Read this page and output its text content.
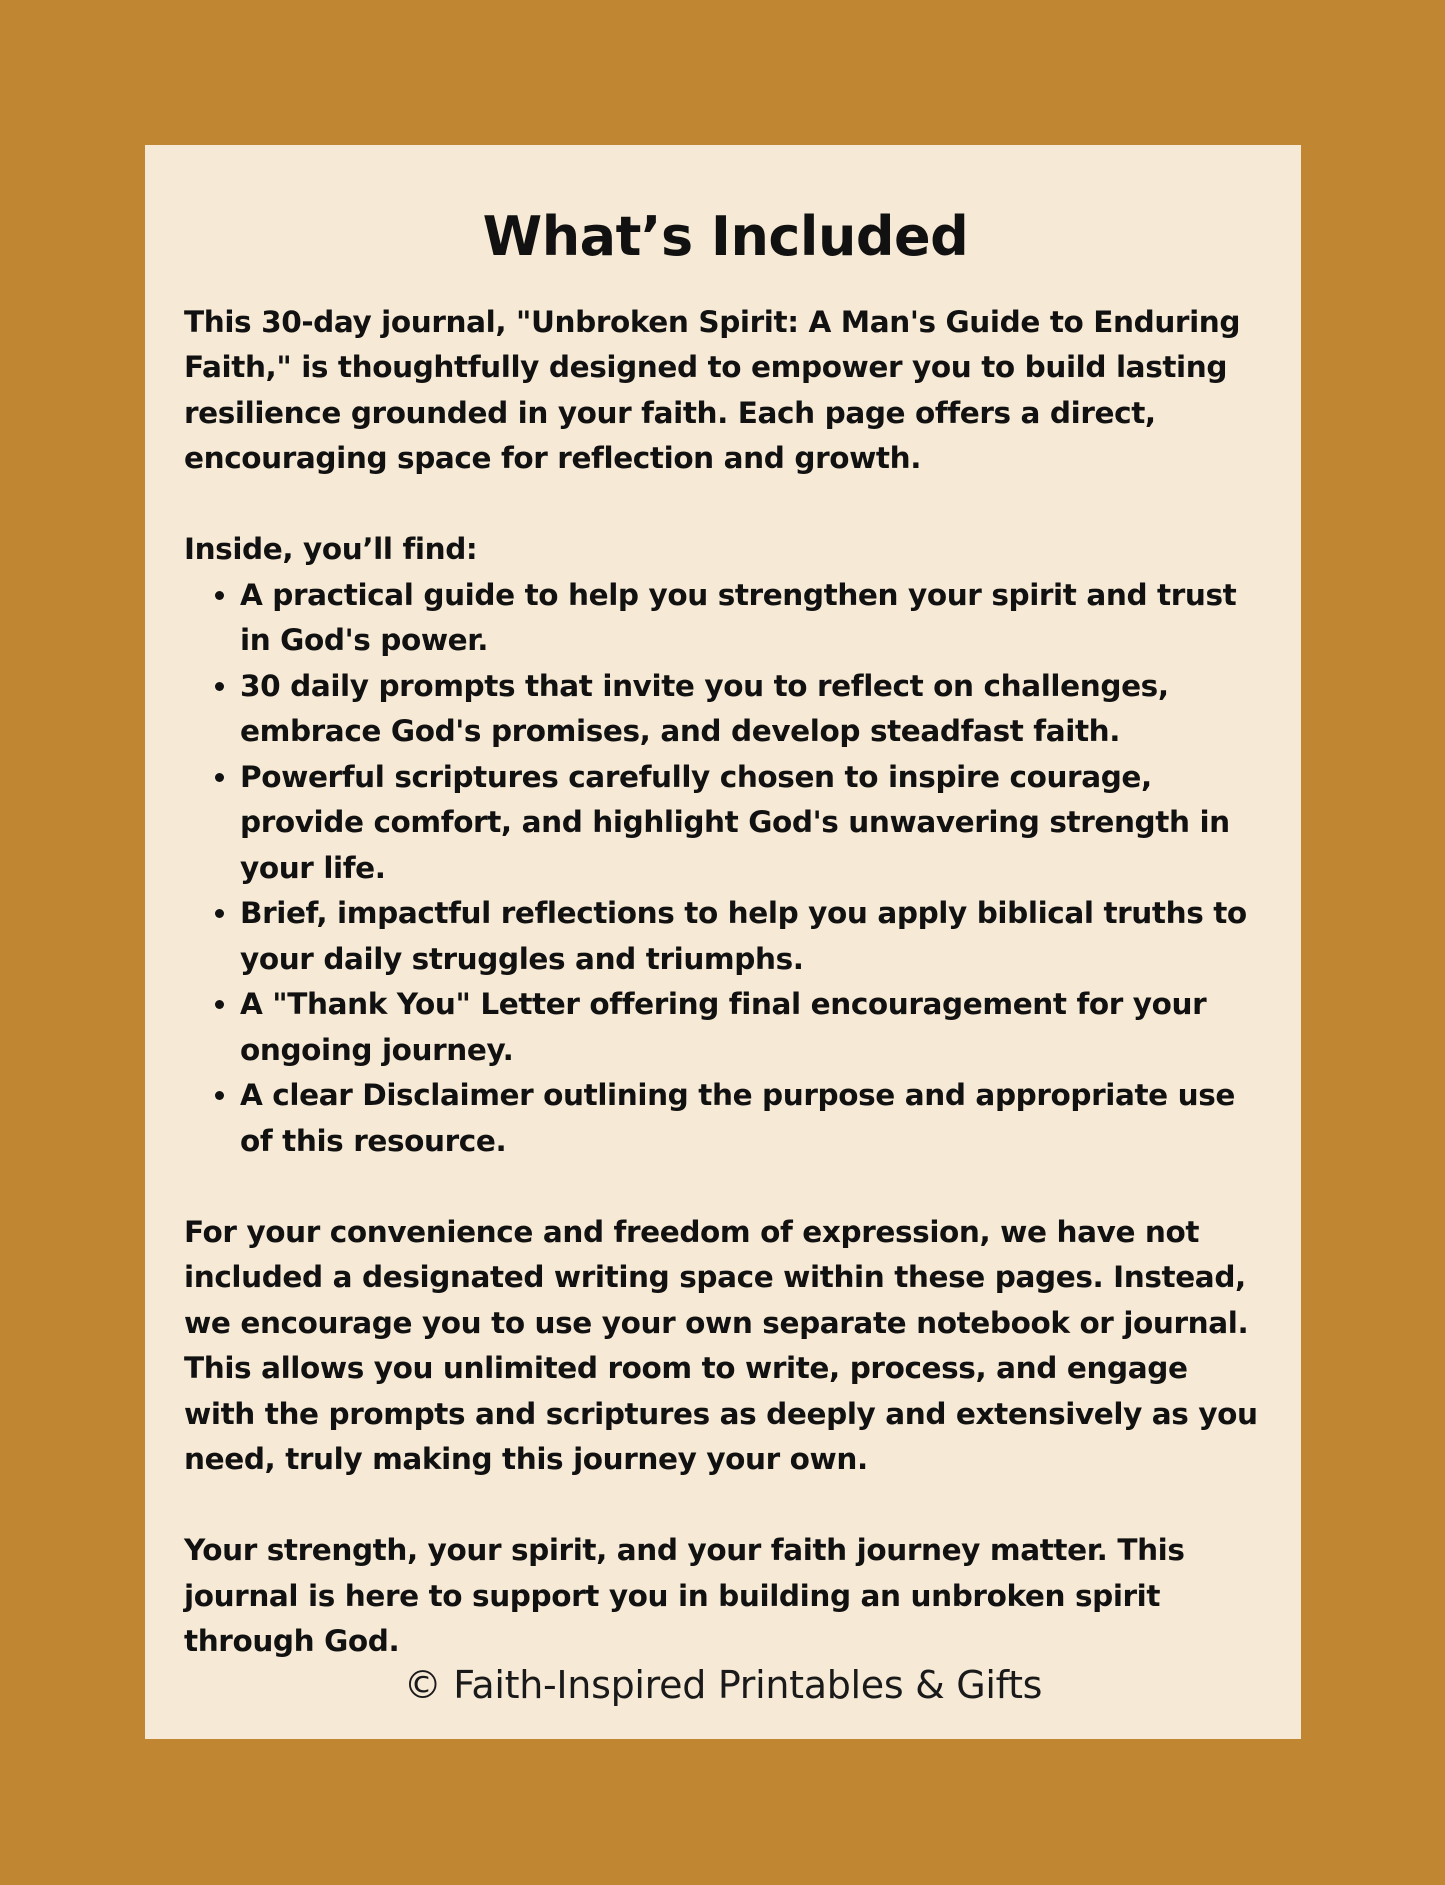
What’s Included

This 30-day journal, "Unbroken Spirit: A Man's Guide to Enduring Faith," is thoughtfully designed to empower you to build lasting resilience grounded in your faith. Each page offers a direct, encouraging space for reflection and growth.

Inside, you’ll find:

• A practical guide to help you strengthen your spirit and trust in God's power.
• 30 daily prompts that invite you to reflect on challenges, embrace God's promises, and develop steadfast faith.
• Powerful scriptures carefully chosen to inspire courage, provide comfort, and highlight God's unwavering strength in your life.
• Brief, impactful reflections to help you apply biblical truths to your daily struggles and triumphs.
• A "Thank You" Letter offering final encouragement for your ongoing journey.
• A clear Disclaimer outlining the purpose and appropriate use of this resource.

For your convenience and freedom of expression, we have not included a designated writing space within these pages. Instead, we encourage you to use your own separate notebook or journal. This allows you unlimited room to write, process, and engage with the prompts and scriptures as deeply and extensively as you need, truly making this journey your own.

Your strength, your spirit, and your faith journey matter. This journal is here to support you in building an unbroken spirit through God.

© Faith-Inspired Printables & Gifts
